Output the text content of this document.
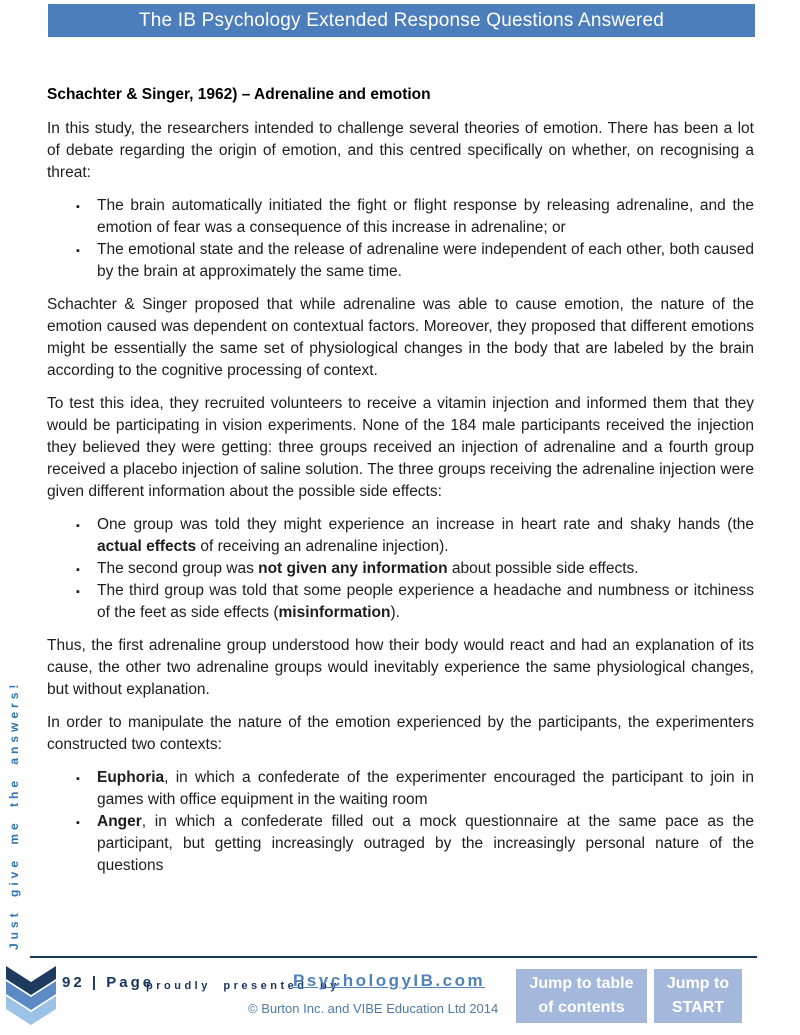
The IB Psychology Extended Response Questions Answered
Schachter & Singer, 1962) – Adrenaline and emotion

In this study, the researchers intended to challenge several theories of emotion. There has been a lot of debate regarding the origin of emotion, and this centred specifically on whether, on recognising a threat:

▪ The brain automatically initiated the fight or flight response by releasing adrenaline, and the emotion of fear was a consequence of this increase in adrenaline; or
▪ The emotional state and the release of adrenaline were independent of each other, both caused by the brain at approximately the same time.

Schachter & Singer proposed that while adrenaline was able to cause emotion, the nature of the emotion caused was dependent on contextual factors. Moreover, they proposed that different emotions might be essentially the same set of physiological changes in the body that are labeled by the brain according to the cognitive processing of context.

To test this idea, they recruited volunteers to receive a vitamin injection and informed them that they would be participating in vision experiments. None of the 184 male participants received the injection they believed they were getting: three groups received an injection of adrenaline and a fourth group received a placebo injection of saline solution. The three groups receiving the adrenaline injection were given different information about the possible side effects:

▪ One group was told they might experience an increase in heart rate and shaky hands (the actual effects of receiving an adrenaline injection).
▪ The second group was not given any information about possible side effects.
▪ The third group was told that some people experience a headache and numbness or itchiness of the feet as side effects (misinformation).

Thus, the first adrenaline group understood how their body would react and had an explanation of its cause, the other two adrenaline groups would inevitably experience the same physiological changes, but without explanation.

In order to manipulate the nature of the emotion experienced by the participants, the experimenters constructed two contexts:

▪ Euphoria, in which a confederate of the experimenter encouraged the participant to join in games with office equipment in the waiting room
▪ Anger, in which a confederate filled out a mock questionnaire at the same pace as the participant, but getting increasingly outraged by the increasingly personal nature of the questions
Just give me the answers!
92 | Page
proudly presented by
PsychologyIB.com
© Burton Inc. and VIBE Education Ltd 2014
Jump to table
of contents
Jump to
START
